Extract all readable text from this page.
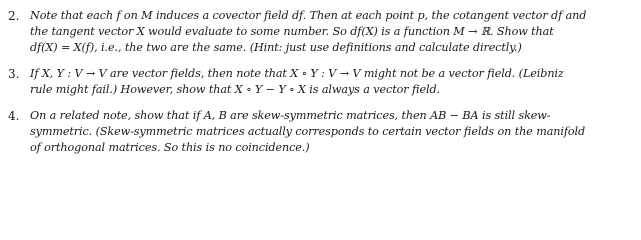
2. Note that each f on M induces a covector field df. Then at each point p, the cotangent vector df and
the tangent vector X would evaluate to some number. So df(X) is a function M → ℝ. Show that
df(X) = X(f), i.e., the two are the same. (Hint: just use definitions and calculate directly.)
3. If X, Y : V → V are vector fields, then note that X ∘ Y : V → V might not be a vector field. (Leibniz
rule might fail.) However, show that X ∘ Y − Y ∘ X is always a vector field.
4. On a related note, show that if A, B are skew-symmetric matrices, then AB − BA is still skew-
symmetric. (Skew-symmetric matrices actually corresponds to certain vector fields on the manifold
of orthogonal matrices. So this is no coincidence.)
